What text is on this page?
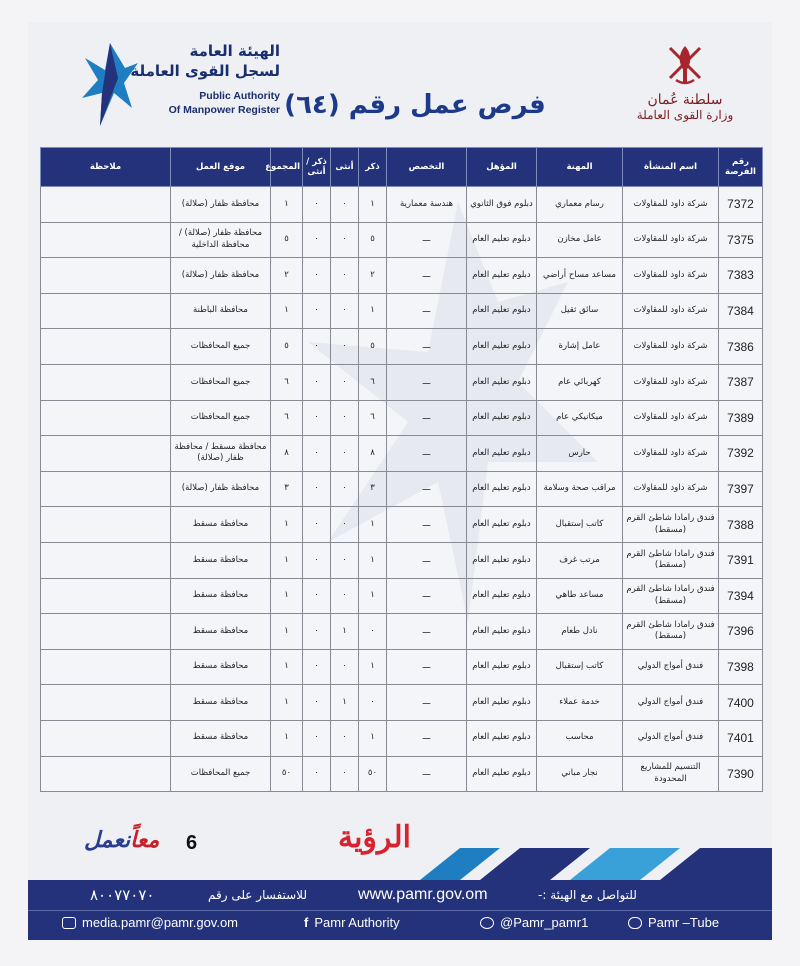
الهيئة العامة
لسجل القوى العاملة
Public Authority
Of Manpower Register
سلطنة عُمان
وزارة القوى العاملة
فرص عمل رقم (٦٤)
رقم الفرصة	اسم المنشأة	المهنة	المؤهل	التخصص	ذكر	أنثى	ذكر / أنثى	المجموع	موقع العمل	ملاحظة
7372	شركة داود للمقاولات	رسام معماري	دبلوم فوق الثانوي	هندسة معمارية	١	٠	٠	١	محافظة ظفار (صلالة)	
7375	شركة داود للمقاولات	عامل مخازن	دبلوم تعليم العام	ـــ	٥	٠	٠	٥	محافظة ظفار (صلالة) / محافظة الداخلية	
7383	شركة داود للمقاولات	مساعد مساح أراضي	دبلوم تعليم العام	ـــ	٢	٠	٠	٢	محافظة ظفار (صلالة)	
7384	شركة داود للمقاولات	سائق ثقيل	دبلوم تعليم العام	ـــ	١	٠	٠	١	محافظة الباطنة	
7386	شركة داود للمقاولات	عامل إشارة	دبلوم تعليم العام	ـــ	٥	٠	٠	٥	جميع المحافظات	
7387	شركة داود للمقاولات	كهربائي عام	دبلوم تعليم العام	ـــ	٦	٠	٠	٦	جميع المحافظات	
7389	شركة داود للمقاولات	ميكانيكي عام	دبلوم تعليم العام	ـــ	٦	٠	٠	٦	جميع المحافظات	
7392	شركة داود للمقاولات	حارس	دبلوم تعليم العام	ـــ	٨	٠	٠	٨	محافظة مسقط / محافظة ظفار (صلالة)	
7397	شركة داود للمقاولات	مراقب صحة وسلامة	دبلوم تعليم العام	ـــ	٣	٠	٠	٣	محافظة ظفار (صلالة)	
7388	فندق رامادا شاطئ القرم (مسقط)	كاتب إستقبال	دبلوم تعليم العام	ـــ	١	٠	٠	١	محافظة مسقط	
7391	فندق رامادا شاطئ القرم (مسقط)	مرتب غرف	دبلوم تعليم العام	ـــ	١	٠	٠	١	محافظة مسقط	
7394	فندق رامادا شاطئ القرم (مسقط)	مساعد طاهي	دبلوم تعليم العام	ـــ	١	٠	٠	١	محافظة مسقط	
7396	فندق رامادا شاطئ القرم (مسقط)	نادل طعام	دبلوم تعليم العام	ـــ	٠	١	٠	١	محافظة مسقط	
7398	فندق أمواج الدولي	كاتب إستقبال	دبلوم تعليم العام	ـــ	١	٠	٠	١	محافظة مسقط	
7400	فندق أمواج الدولي	خدمة عملاء	دبلوم تعليم العام	ـــ	٠	١	٠	١	محافظة مسقط	
7401	فندق أمواج الدولي	محاسب	دبلوم تعليم العام	ـــ	١	٠	٠	١	محافظة مسقط	
7390	التنسيم للمشاريع المحدودة	نجار مباني	دبلوم تعليم العام	ـــ	٥٠	٠	٠	٥٠	جميع المحافظات	
معاًنعمل	6	الرؤية
للتواصل مع الهيئة :-
www.pamr.gov.om
للاستفسار على رقم
٨٠٠٧٧٠٧٠
media.pamr@pamr.gov.om	f Pamr Authority	@Pamr_pamr1	Pamr –Tube
